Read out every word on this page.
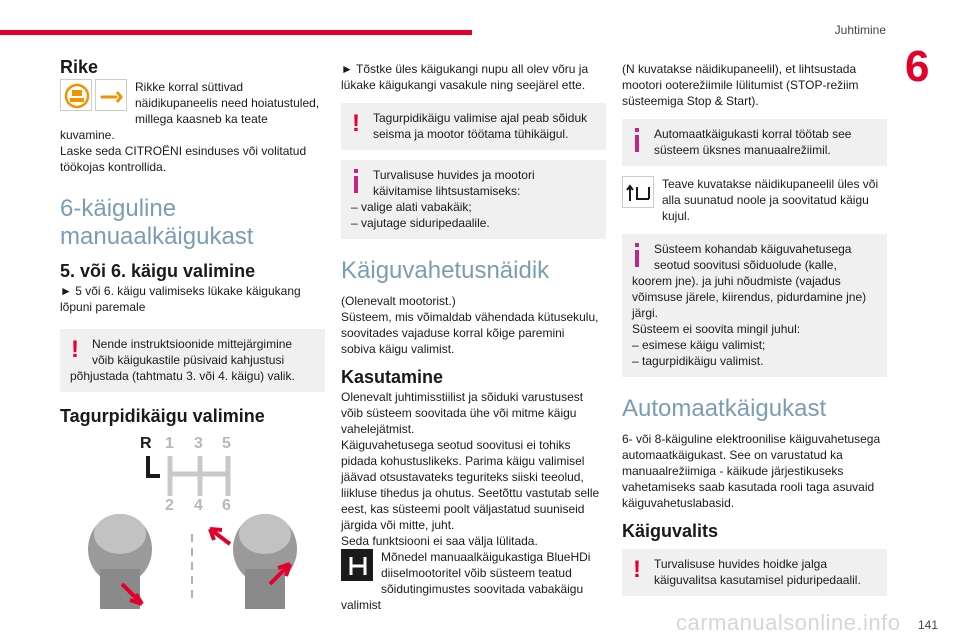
Juhtimine
6
141
carmanualsonline.info
Rike
Rikke korral süttivad
näidikupaneelis need hoiatustuled,
millega kaasneb ka teate kuvamine.
Laske seda CITROËNI esinduses või volitatud
töökojas kontrollida.
6-käiguline
manuaalkäigukast
5. või 6. käigu valimine
► 5 või 6. käigu valimiseks lükake käigukang
lõpuni paremale
! Nende instruktsioonide mittejärgimine
võib käigukastile püsivaid kahjustusi
põhjustada (tahtmatu 3. või 4. käigu) valik.
Tagurpidikäigu valimine
R 1 3 5
2 4 6
► Tõstke üles käigukangi nupu all olev võru ja
lükake käigukangi vasakule ning seejärel ette.
! Tagurpidikäigu valimise ajal peab sõiduk
seisma ja mootor töötama tühikäigul.
Turvalisuse huvides ja mootori
käivitamise lihtsustamiseks:
– valige alati vabakäik;
– vajutage siduripedaalile.
Käiguvahetusnäidik
(Olenevalt mootorist.)
Süsteem, mis võimaldab vähendada kütusekulu,
soovitades vajaduse korral kõige paremini
sobiva käigu valimist.
Kasutamine
Olenevalt juhtimisstiilist ja sõiduki varustusest
võib süsteem soovitada ühe või mitme käigu
vahelejätmist.
Käiguvahetusega seotud soovitusi ei tohiks
pidada kohustuslikeks. Parima käigu valimisel
jäävad otsustavateks teguriteks siiski teeolud,
liikluse tihedus ja ohutus. Seetõttu vastutab selle
eest, kas süsteemi poolt väljastatud suuniseid
järgida või mitte, juht.
Seda funktsiooni ei saa välja lülitada.
Mõnedel manuaalkäigukastiga BlueHDi
diiselmootoritel võib süsteem teatud
sõidutingimustes soovitada vabakäigu valimist
(N kuvatakse näidikupaneelil), et lihtsustada
mootori ooterežiimile lülitumist (STOP-režiim
süsteemiga Stop & Start).
Automaatkäigukasti korral töötab see
süsteem üksnes manuaalrežiimil.
Teave kuvatakse näidikupaneelil üles või
alla suunatud noole ja soovitatud käigu
kujul.
Süsteem kohandab käiguvahetusega
seotud soovitusi sõiduolude (kalle,
koorem jne). ja juhi nõudmiste (vajadus
võimsuse järele, kiirendus, pidurdamine jne)
järgi.
Süsteem ei soovita mingil juhul:
– esimese käigu valimist;
– tagurpidikäigu valimist.
Automaatkäigukast
6- või 8-käiguline elektroonilise käiguvahetusega
automaatkäigukast. See on varustatud ka
manuaalrežiimiga - käikude järjestikuseks
vahetamiseks saab kasutada rooli taga asuvaid
käiguvahetuslabasid.
Käiguvalits
! Turvalisuse huvides hoidke jalga
käiguvalitsa kasutamisel piduripedaalil.
